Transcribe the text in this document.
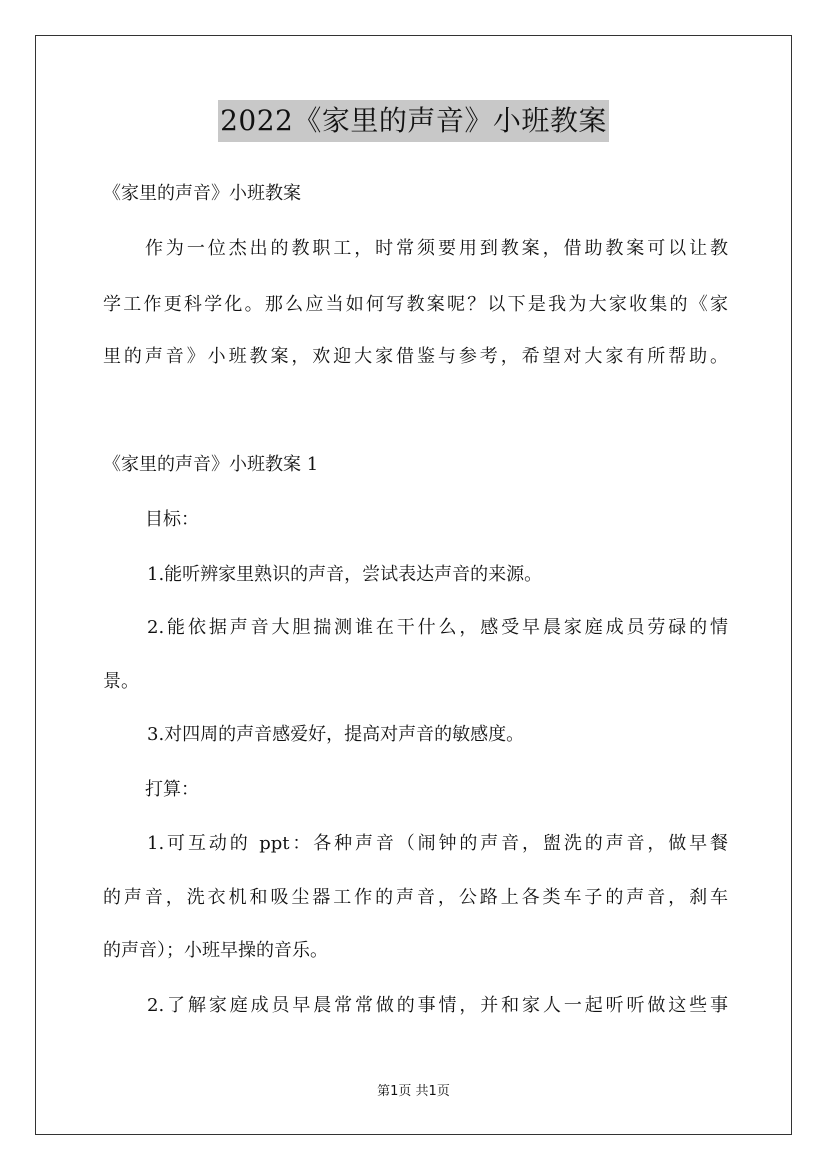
2022《家里的声音》小班教案
《家里的声音》小班教案
作为一位杰出的教职工，时常须要用到教案，借助教案可以让教
学工作更科学化。那么应当如何写教案呢？以下是我为大家收集的《家
里的声音》小班教案，欢迎大家借鉴与参考，希望对大家有所帮助。
《家里的声音》小班教案 1
目标：
1.能听辨家里熟识的声音，尝试表达声音的来源。
2.能依据声音大胆揣测谁在干什么，感受早晨家庭成员劳碌的情
景。
3.对四周的声音感爱好，提高对声音的敏感度。
打算：
1.可互动的 ppt：各种声音（闹钟的声音，盥洗的声音，做早餐
的声音，洗衣机和吸尘器工作的声音，公路上各类车子的声音，刹车
的声音）；小班早操的音乐。
2.了解家庭成员早晨常常做的事情，并和家人一起听听做这些事
第1页 共1页
